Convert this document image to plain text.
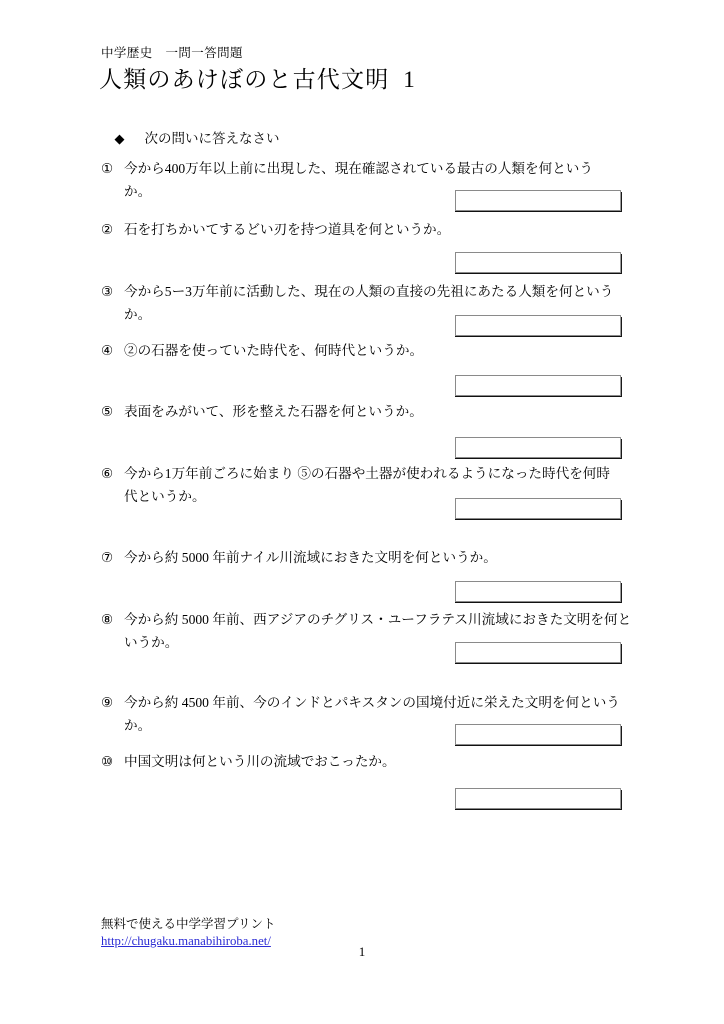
中学歴史　一問一答問題
人類のあけぼのと古代文明  1

◆ 次の問いに答えなさい

① 今から400万年以上前に出現した、現在確認されている最古の人類を何という
か。
② 石を打ちかいてするどい刃を持つ道具を何というか。
③ 今から5ー3万年前に活動した、現在の人類の直接の先祖にあたる人類を何という
か。
④ ②の石器を使っていた時代を、何時代というか。
⑤ 表面をみがいて、形を整えた石器を何というか。
⑥ 今から1万年前ごろに始まり ⑤の石器や土器が使われるようになった時代を何時
代というか。
⑦ 今から約 5000 年前ナイル川流域におきた文明を何というか。
⑧ 今から約 5000 年前、西アジアのチグリス・ユーフラテス川流域におきた文明を何と
いうか。
⑨ 今から約 4500 年前、今のインドとパキスタンの国境付近に栄えた文明を何という
か。
⑩ 中国文明は何という川の流域でおこったか。
無料で使える中学学習プリント
http://chugaku.manabihiroba.net/
1
